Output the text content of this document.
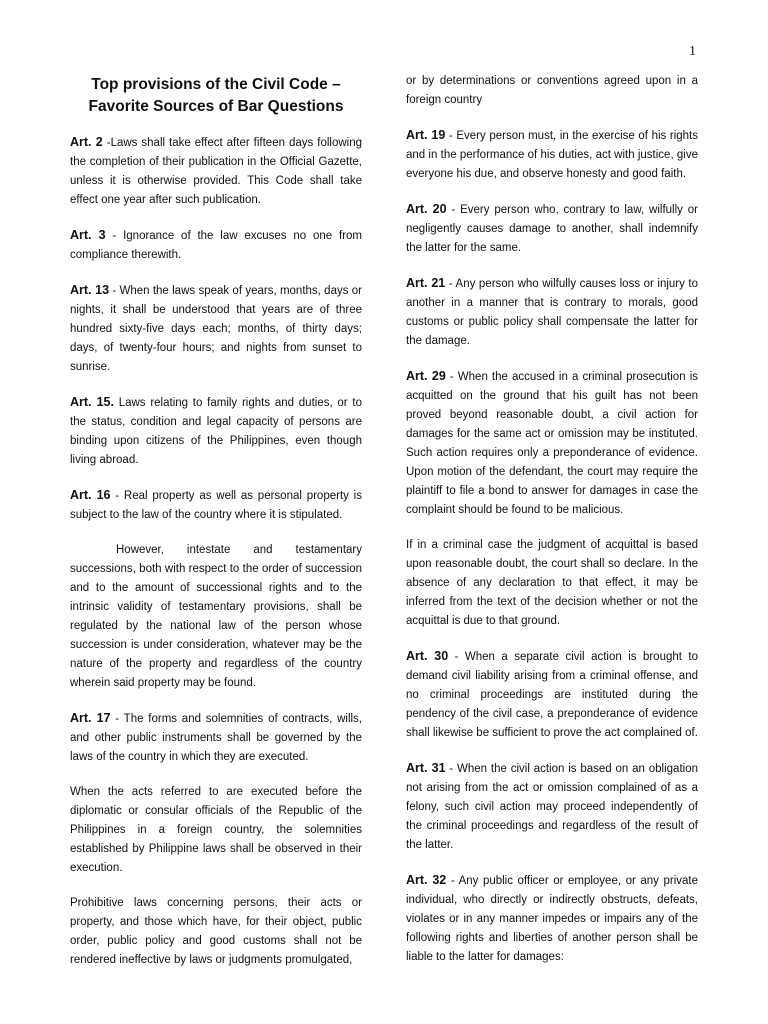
1
Top provisions of the Civil Code –
Favorite Sources of Bar Questions

Art. 2 -Laws shall take effect after fifteen days following the completion of their publication in the Official Gazette, unless it is otherwise provided. This Code shall take effect one year after such publication.

Art. 3 - Ignorance of the law excuses no one from compliance therewith.

Art. 13 - When the laws speak of years, months, days or nights, it shall be understood that years are of three hundred sixty-five days each; months, of thirty days; days, of twenty-four hours; and nights from sunset to sunrise.

Art. 15. Laws relating to family rights and duties, or to the status, condition and legal capacity of persons are binding upon citizens of the Philippines, even though living abroad.

Art. 16 - Real property as well as personal property is subject to the law of the country where it is stipulated.

However, intestate and testamentary successions, both with respect to the order of succession and to the amount of successional rights and to the intrinsic validity of testamentary provisions, shall be regulated by the national law of the person whose succession is under consideration, whatever may be the nature of the property and regardless of the country wherein said property may be found.

Art. 17 - The forms and solemnities of contracts, wills, and other public instruments shall be governed by the laws of the country in which they are executed.

When the acts referred to are executed before the diplomatic or consular officials of the Republic of the Philippines in a foreign country, the solemnities established by Philippine laws shall be observed in their execution.

Prohibitive laws concerning persons, their acts or property, and those which have, for their object, public order, public policy and good customs shall not be rendered ineffective by laws or judgments promulgated,

or by determinations or conventions agreed upon in a foreign country

Art. 19 - Every person must, in the exercise of his rights and in the performance of his duties, act with justice, give everyone his due, and observe honesty and good faith.

Art. 20 - Every person who, contrary to law, wilfully or negligently causes damage to another, shall indemnify the latter for the same.

Art. 21 - Any person who wilfully causes loss or injury to another in a manner that is contrary to morals, good customs or public policy shall compensate the latter for the damage.

Art. 29 - When the accused in a criminal prosecution is acquitted on the ground that his guilt has not been proved beyond reasonable doubt, a civil action for damages for the same act or omission may be instituted. Such action requires only a preponderance of evidence. Upon motion of the defendant, the court may require the plaintiff to file a bond to answer for damages in case the complaint should be found to be malicious.

If in a criminal case the judgment of acquittal is based upon reasonable doubt, the court shall so declare. In the absence of any declaration to that effect, it may be inferred from the text of the decision whether or not the acquittal is due to that ground.

Art. 30 - When a separate civil action is brought to demand civil liability arising from a criminal offense, and no criminal proceedings are instituted during the pendency of the civil case, a preponderance of evidence shall likewise be sufficient to prove the act complained of.

Art. 31 - When the civil action is based on an obligation not arising from the act or omission complained of as a felony, such civil action may proceed independently of the criminal proceedings and regardless of the result of the latter.

Art. 32 - Any public officer or employee, or any private individual, who directly or indirectly obstructs, defeats, violates or in any manner impedes or impairs any of the following rights and liberties of another person shall be liable to the latter for damages:
